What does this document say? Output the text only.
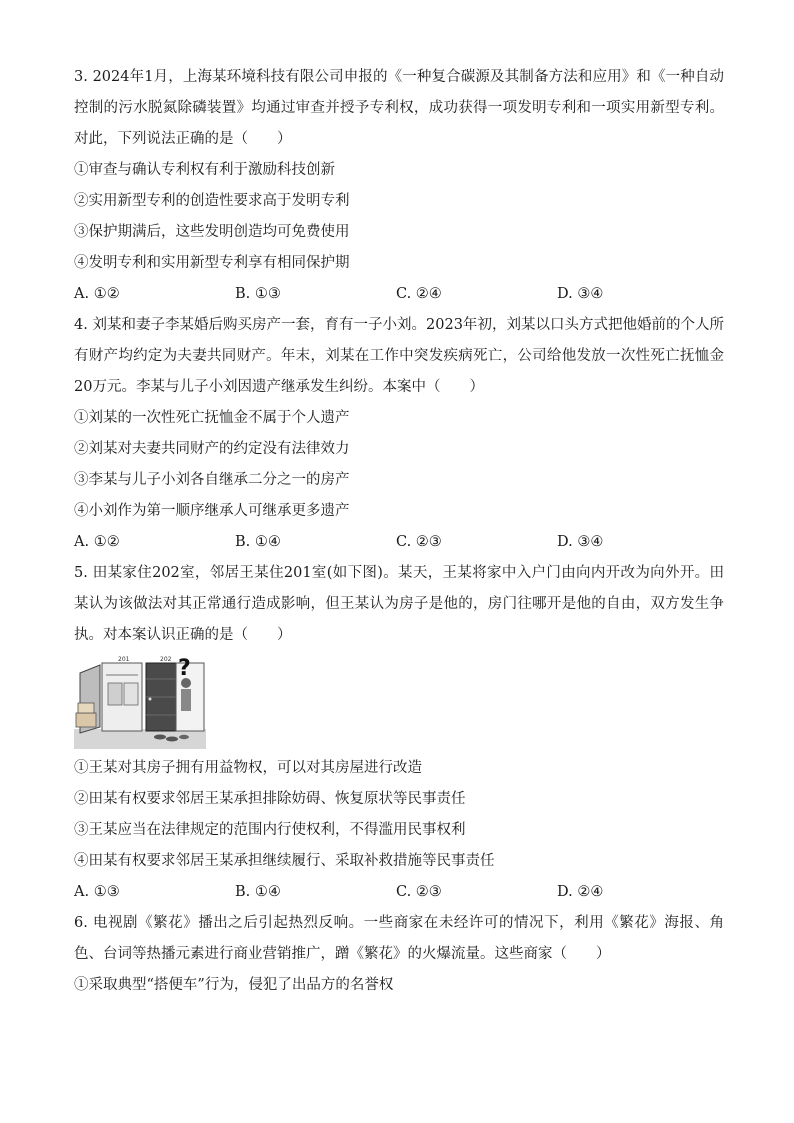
3. 2024年1月，上海某环境科技有限公司申报的《一种复合碳源及其制备方法和应用》和《一种自动控制的污水脱氮除磷装置》均通过审查并授予专利权，成功获得一项发明专利和一项实用新型专利。对此，下列说法正确的是（　　）

①审查与确认专利权有利于激励科技创新

②实用新型专利的创造性要求高于发明专利

③保护期满后，这些发明创造均可免费使用

④发明专利和实用新型专利享有相同保护期

A. ①②	B. ①③	C. ②④	D. ③④

4. 刘某和妻子李某婚后购买房产一套，育有一子小刘。2023年初，刘某以口头方式把他婚前的个人所有财产均约定为夫妻共同财产。年末，刘某在工作中突发疾病死亡，公司给他发放一次性死亡抚恤金20万元。李某与儿子小刘因遗产继承发生纠纷。本案中（　　）

①刘某的一次性死亡抚恤金不属于个人遗产

②刘某对夫妻共同财产的约定没有法律效力

③李某与儿子小刘各自继承二分之一的房产

④小刘作为第一顺序继承人可继承更多遗产

A. ①②	B. ①④	C. ②③	D. ③④

5. 田某家住202室，邻居王某住201室(如下图)。某天，王某将家中入户门由向内开改为向外开。田某认为该做法对其正常通行造成影响，但王某认为房子是他的，房门往哪开是他的自由，双方发生争执。对本案认识正确的是（　　）

201	202 ?

①王某对其房子拥有用益物权，可以对其房屋进行改造

②田某有权要求邻居王某承担排除妨碍、恢复原状等民事责任

③王某应当在法律规定的范围内行使权利，不得滥用民事权利

④田某有权要求邻居王某承担继续履行、采取补救措施等民事责任

A. ①③	B. ①④	C. ②③	D. ②④

6. 电视剧《繁花》播出之后引起热烈反响。一些商家在未经许可的情况下，利用《繁花》海报、角色、台词等热播元素进行商业营销推广，蹭《繁花》的火爆流量。这些商家（　　）

①采取典型“搭便车”行为，侵犯了出品方的名誉权
